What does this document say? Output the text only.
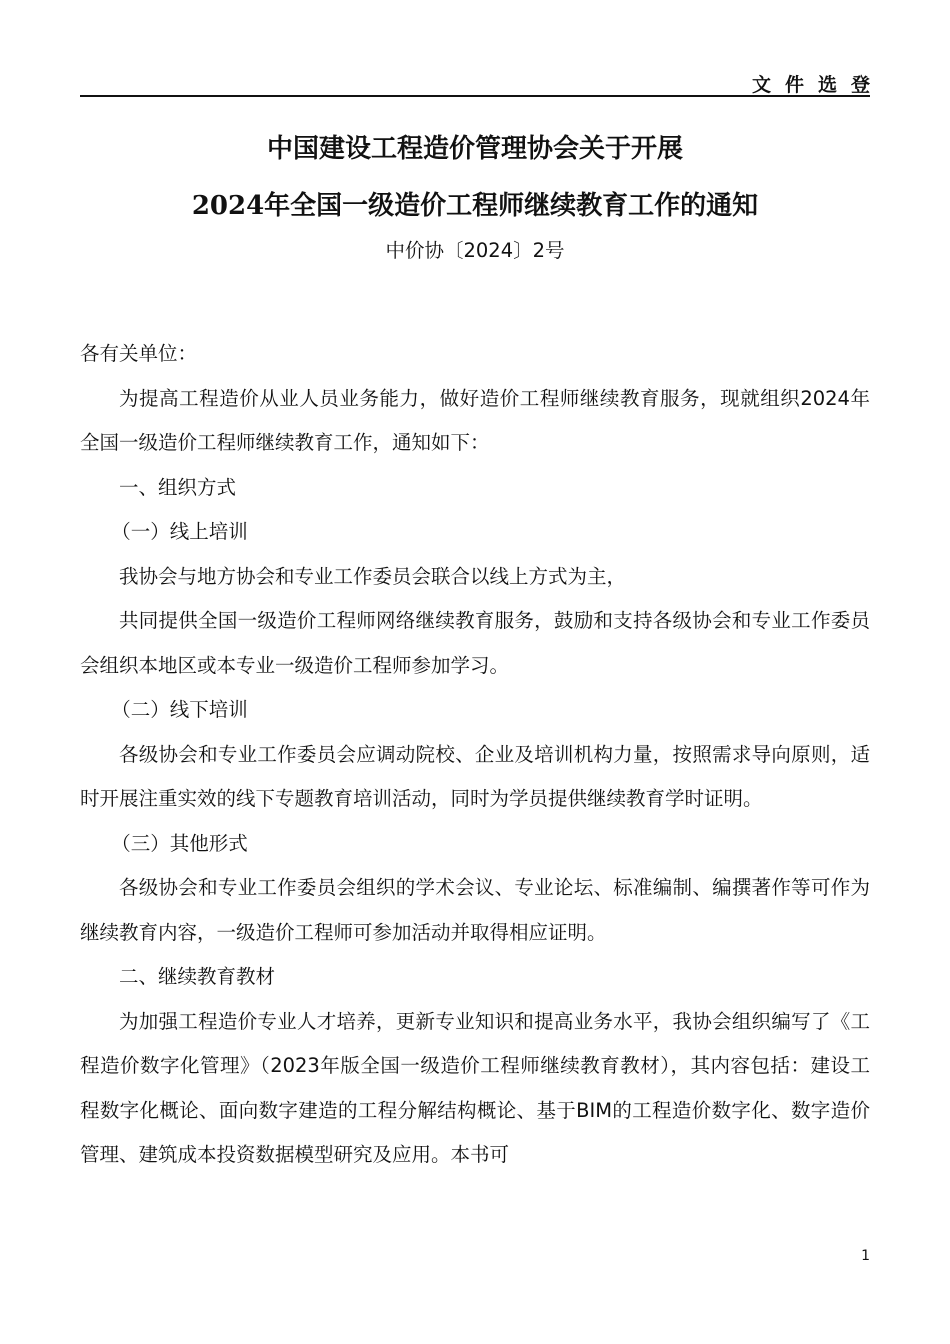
文件选登
中国建设工程造价管理协会关于开展
2024年全国一级造价工程师继续教育工作的通知
中价协〔2024〕2号

各有关单位：

为提高工程造价从业人员业务能力，做好造价工程师继续教育服务，现就组织2024年全国一级造价工程师继续教育工作，通知如下：

一、组织方式

（一）线上培训

我协会与地方协会和专业工作委员会联合以线上方式为主，

共同提供全国一级造价工程师网络继续教育服务，鼓励和支持各级协会和专业工作委员会组织本地区或本专业一级造价工程师参加学习。

（二）线下培训

各级协会和专业工作委员会应调动院校、企业及培训机构力量，按照需求导向原则，适时开展注重实效的线下专题教育培训活动，同时为学员提供继续教育学时证明。

（三）其他形式

各级协会和专业工作委员会组织的学术会议、专业论坛、标准编制、编撰著作等可作为继续教育内容，一级造价工程师可参加活动并取得相应证明。

二、继续教育教材

为加强工程造价专业人才培养，更新专业知识和提高业务水平，我协会组织编写了《工程造价数字化管理》（2023年版全国一级造价工程师继续教育教材），其内容包括：建设工程数字化概论、面向数字建造的工程分解结构概论、基于BIM的工程造价数字化、数字造价管理、建筑成本投资数据模型研究及应用。本书可

1
